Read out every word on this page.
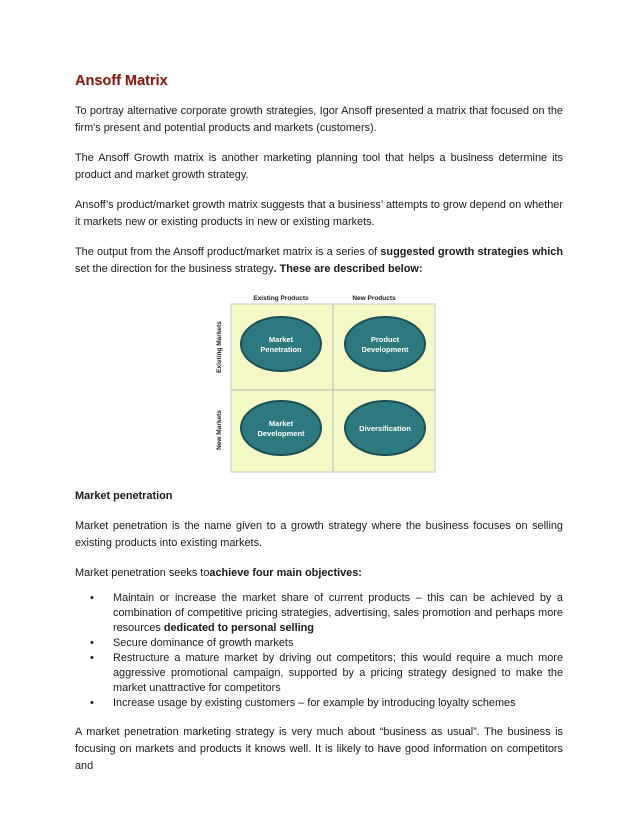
Ansoff Matrix

To portray alternative corporate growth strategies, Igor Ansoff presented a matrix that focused on the firm's present and potential products and markets (customers).

The Ansoff Growth matrix is another marketing planning tool that helps a business determine its product and market growth strategy.

Ansoff’s product/market growth matrix suggests that a business’ attempts to grow depend on whether it markets new or existing products in new or existing markets.

The output from the Ansoff product/market matrix is a series of suggested growth strategies which set the direction for the business strategy. These are described below:

Existing Products	New Products
Existing Markets
New Markets
Market
Penetration
Product
Development
Market
Development
Diversification
Market penetration

Market penetration is the name given to a growth strategy where the business focuses on selling existing products into existing markets.

Market penetration seeks toachieve four main objectives:

• Maintain or increase the market share of current products – this can be achieved by a combination of competitive pricing strategies, advertising, sales promotion and perhaps more resources dedicated to personal selling
• Secure dominance of growth markets
• Restructure a mature market by driving out competitors; this would require a much more aggressive promotional campaign, supported by a pricing strategy designed to make the market unattractive for competitors
• Increase usage by existing customers – for example by introducing loyalty schemes

A market penetration marketing strategy is very much about “business as usual”. The business is focusing on markets and products it knows well. It is likely to have good information on competitors and
